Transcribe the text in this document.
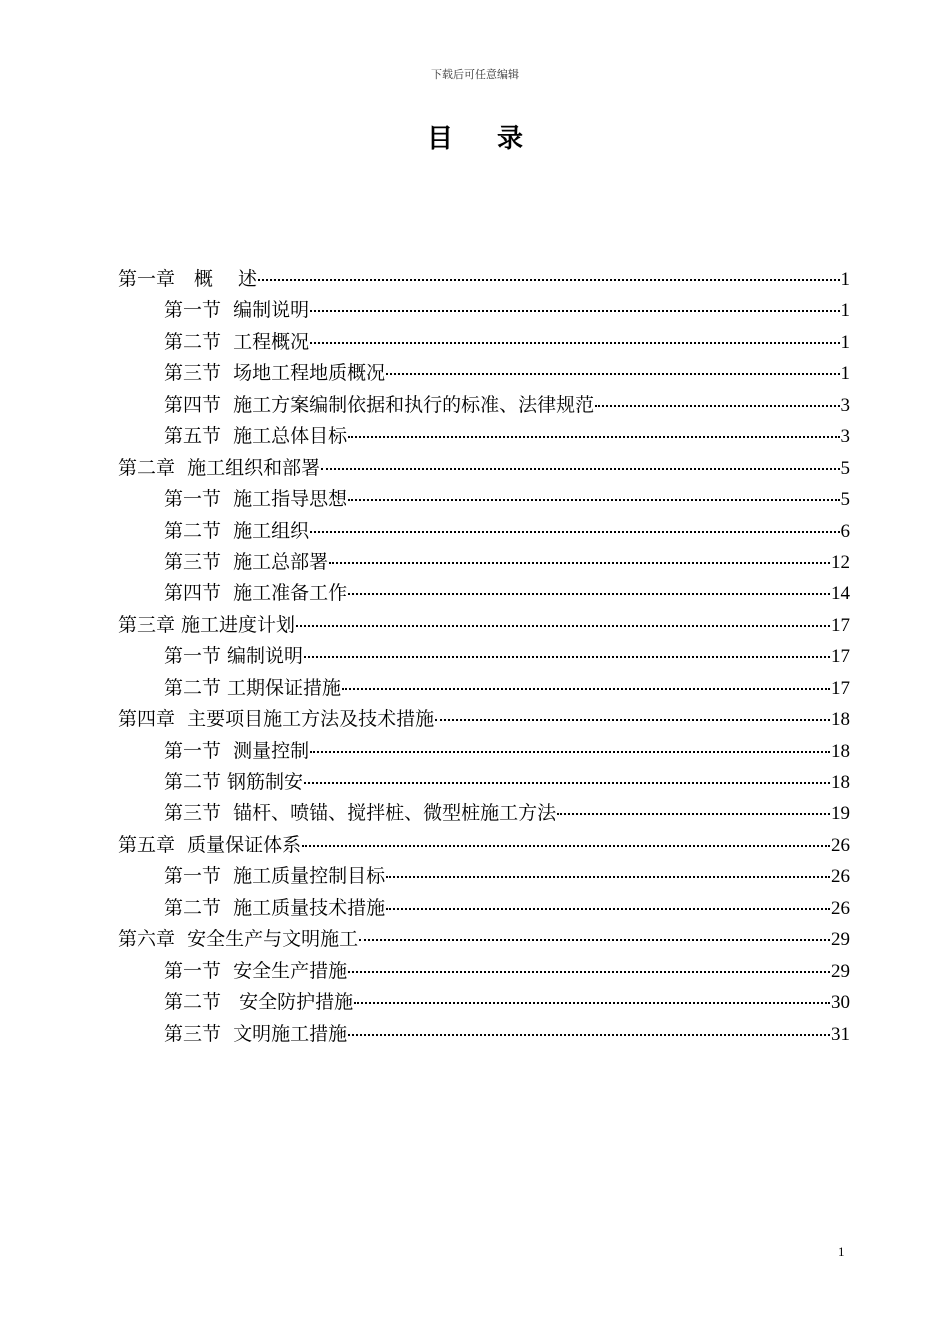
下载后可任意编辑
目录
第一章　概　 述	1
第一节  编制说明	1
第二节  工程概况	1
第三节  场地工程地质概况	1
第四节  施工方案编制依据和执行的标准、法律规范	3
第五节  施工总体目标	3
第二章  施工组织和部署	5
第一节  施工指导思想	5
第二节  施工组织	6
第三节  施工总部署	12
第四节  施工准备工作	14
第三章 施工进度计划	17
第一节 编制说明	17
第二节 工期保证措施	17
第四章  主要项目施工方法及技术措施	18
第一节  测量控制	18
第二节 钢筋制安	18
第三节  锚杆、喷锚、搅拌桩、微型桩施工方法	19
第五章  质量保证体系	26
第一节  施工质量控制目标	26
第二节  施工质量技术措施	26
第六章  安全生产与文明施工	29
第一节  安全生产措施	29
第二节   安全防护措施	30
第三节  文明施工措施	31
1
